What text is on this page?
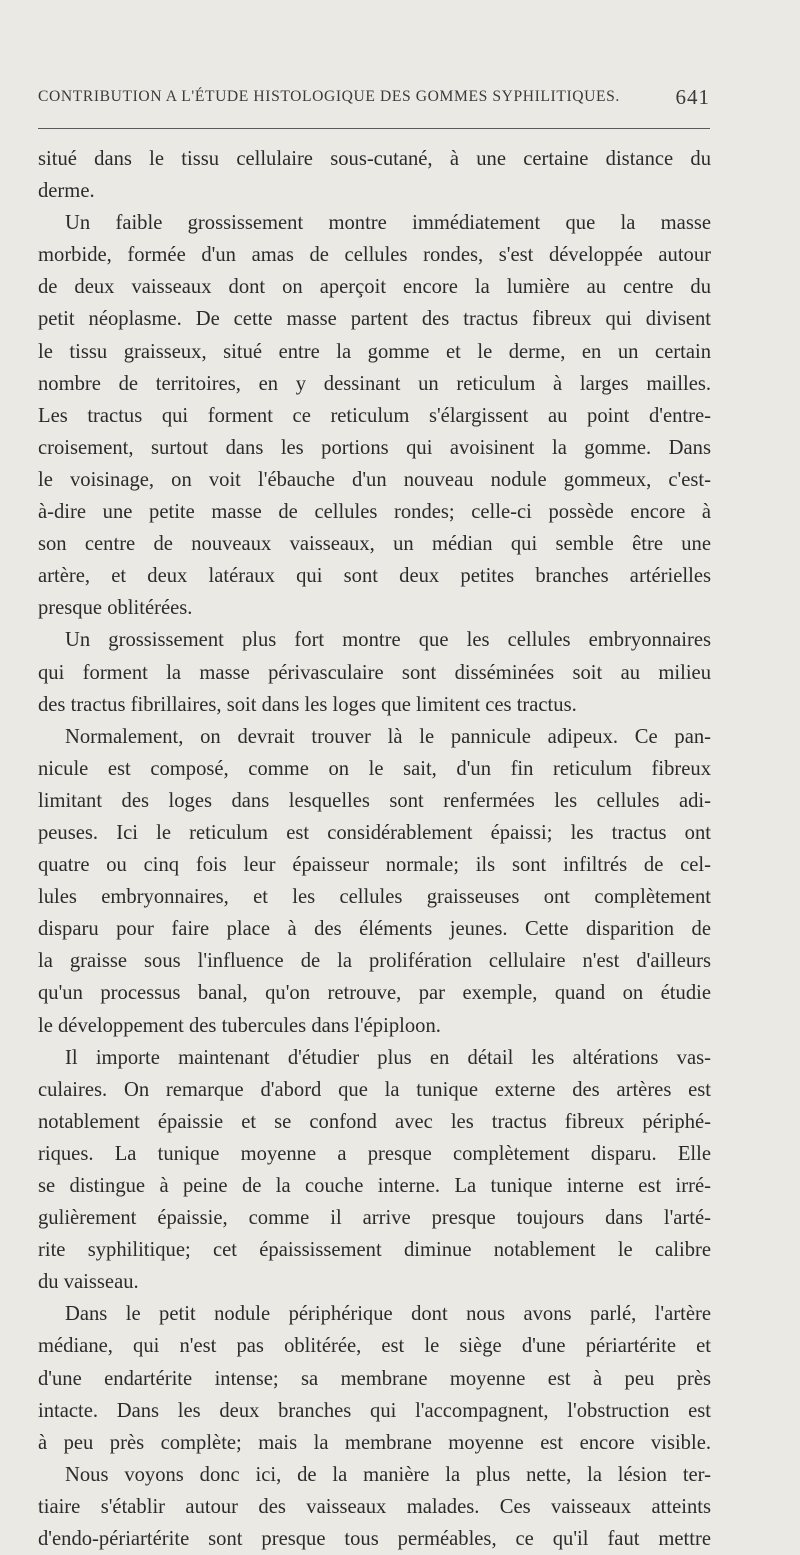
CONTRIBUTION A L'ÉTUDE HISTOLOGIQUE DES GOMMES SYPHILITIQUES.	641
situé dans le tissu cellulaire sous-cutané, à une certaine distance du
derme.
Un faible grossissement montre immédiatement que la masse
morbide, formée d'un amas de cellules rondes, s'est développée autour
de deux vaisseaux dont on aperçoit encore la lumière au centre du
petit néoplasme. De cette masse partent des tractus fibreux qui divisent
le tissu graisseux, situé entre la gomme et le derme, en un certain
nombre de territoires, en y dessinant un reticulum à larges mailles.
Les tractus qui forment ce reticulum s'élargissent au point d'entre-
croisement, surtout dans les portions qui avoisinent la gomme. Dans
le voisinage, on voit l'ébauche d'un nouveau nodule gommeux, c'est-
à-dire une petite masse de cellules rondes; celle-ci possède encore à
son centre de nouveaux vaisseaux, un médian qui semble être une
artère, et deux latéraux qui sont deux petites branches artérielles
presque oblitérées.
Un grossissement plus fort montre que les cellules embryonnaires
qui forment la masse périvasculaire sont disséminées soit au milieu
des tractus fibrillaires, soit dans les loges que limitent ces tractus.
Normalement, on devrait trouver là le pannicule adipeux. Ce pan-
nicule est composé, comme on le sait, d'un fin reticulum fibreux
limitant des loges dans lesquelles sont renfermées les cellules adi-
peuses. Ici le reticulum est considérablement épaissi; les tractus ont
quatre ou cinq fois leur épaisseur normale; ils sont infiltrés de cel-
lules embryonnaires, et les cellules graisseuses ont complètement
disparu pour faire place à des éléments jeunes. Cette disparition de
la graisse sous l'influence de la prolifération cellulaire n'est d'ailleurs
qu'un processus banal, qu'on retrouve, par exemple, quand on étudie
le développement des tubercules dans l'épiploon.
Il importe maintenant d'étudier plus en détail les altérations vas-
culaires. On remarque d'abord que la tunique externe des artères est
notablement épaissie et se confond avec les tractus fibreux périphé-
riques. La tunique moyenne a presque complètement disparu. Elle
se distingue à peine de la couche interne. La tunique interne est irré-
gulièrement épaissie, comme il arrive presque toujours dans l'arté-
rite syphilitique; cet épaississement diminue notablement le calibre
du vaisseau.
Dans le petit nodule périphérique dont nous avons parlé, l'artère
médiane, qui n'est pas oblitérée, est le siège d'une périartérite et
d'une endartérite intense; sa membrane moyenne est à peu près
intacte. Dans les deux branches qui l'accompagnent, l'obstruction est
à peu près complète; mais la membrane moyenne est encore visible.
Nous voyons donc ici, de la manière la plus nette, la lésion ter-
tiaire s'établir autour des vaisseaux malades. Ces vaisseaux atteints
d'endo-périartérite sont presque tous perméables, ce qu'il faut mettre
